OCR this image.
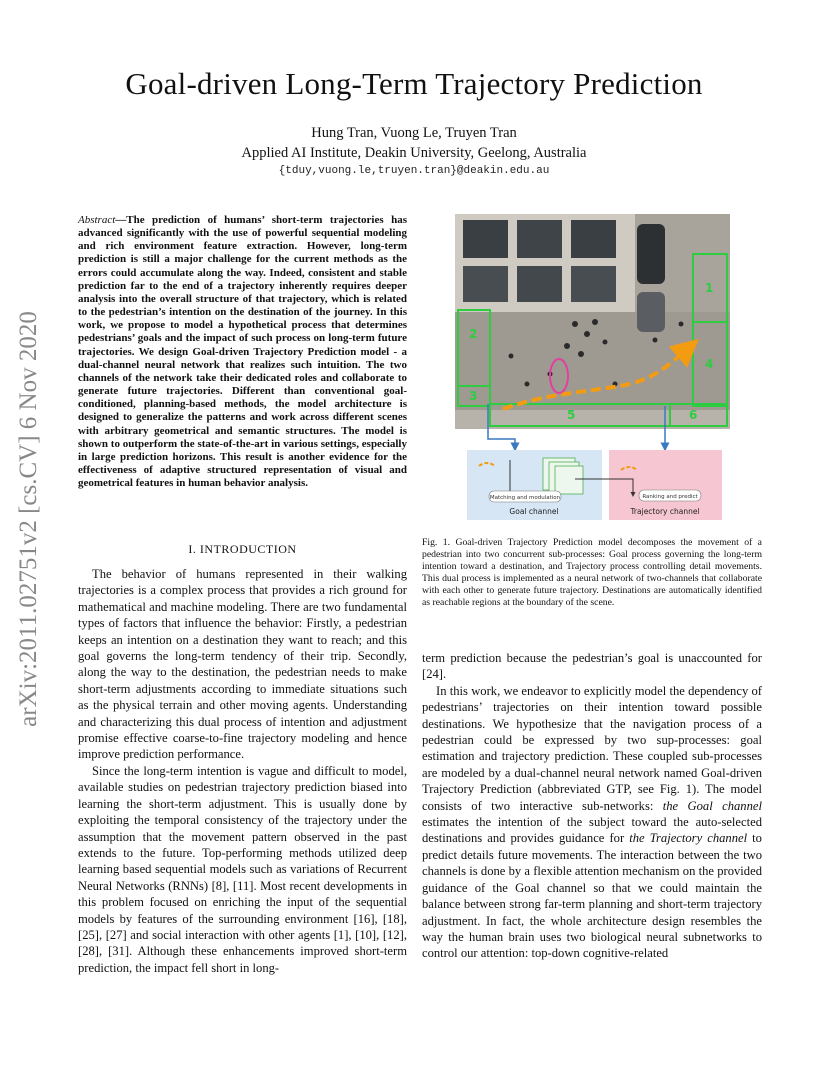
Goal-driven Long-Term Trajectory Prediction
Hung Tran, Vuong Le, Truyen Tran
Applied AI Institute, Deakin University, Geelong, Australia
{tduy,vuong.le,truyen.tran}@deakin.edu.au
arXiv:2011.02751v2 [cs.CV] 6 Nov 2020
Abstract—The prediction of humans’ short-term trajectories has advanced significantly with the use of powerful sequential modeling and rich environment feature extraction. However, long-term prediction is still a major challenge for the current methods as the errors could accumulate along the way. Indeed, consistent and stable prediction far to the end of a trajectory inherently requires deeper analysis into the overall structure of that trajectory, which is related to the pedestrian’s intention on the destination of the journey. In this work, we propose to model a hypothetical process that determines pedestrians’ goals and the impact of such process on long-term future trajectories. We design Goal-driven Trajectory Prediction model - a dual-channel neural network that realizes such intuition. The two channels of the network take their dedicated roles and collaborate to generate future trajectories. Different than conventional goal-conditioned, planning-based methods, the model architecture is designed to generalize the patterns and work across different scenes with arbitrary geometrical and semantic structures. The model is shown to outperform the state-of-the-art in various settings, especially in large prediction horizons. This result is another evidence for the effectiveness of adaptive structured representation of visual and geometrical features in human behavior analysis.
I. INTRODUCTION

The behavior of humans represented in their walking trajectories is a complex process that provides a rich ground for mathematical and machine modeling. There are two fundamental types of factors that influence the behavior: Firstly, a pedestrian keeps an intention on a destination they want to reach; and this goal governs the long-term tendency of their trip. Secondly, along the way to the destination, the pedestrian needs to make short-term adjustments according to immediate situations such as the physical terrain and other moving agents. Understanding and characterizing this dual process of intention and adjustment promise effective coarse-to-fine trajectory modeling and hence improve prediction performance.

Since the long-term intention is vague and difficult to model, available studies on pedestrian trajectory prediction biased into learning the short-term adjustment. This is usually done by exploiting the temporal consistency of the trajectory under the assumption that the movement pattern observed in the past extends to the future. Top-performing methods utilized deep learning based sequential models such as variations of Recurrent Neural Networks (RNNs) [8], [11]. Most recent developments in this problem focused on enriching the input of the sequential models by features of the surrounding environment [16], [18], [25], [27] and social interaction with other agents [1], [10], [12], [28], [31]. Although these enhancements improved short-term prediction, the impact fell short in long-

1
2
3
4
5	6
Matching and modulation
Goal channel
Ranking and predict
Trajectory channel
Fig. 1. Goal-driven Trajectory Prediction model decomposes the movement of a pedestrian into two concurrent sub-processes: Goal process governing the long-term intention toward a destination, and Trajectory process controlling detail movements. This dual process is implemented as a neural network of two-channels that collaborate with each other to generate future trajectory. Destinations are automatically identified as reachable regions at the boundary of the scene.

term prediction because the pedestrian’s goal is unaccounted for [24].

In this work, we endeavor to explicitly model the dependency of pedestrians’ trajectories on their intention toward possible destinations. We hypothesize that the navigation process of a pedestrian could be expressed by two sup-processes: goal estimation and trajectory prediction. These coupled sub-processes are modeled by a dual-channel neural network named Goal-driven Trajectory Prediction (abbreviated GTP, see Fig. 1). The model consists of two interactive sub-networks: the Goal channel estimates the intention of the subject toward the auto-selected destinations and provides guidance for the Trajectory channel to predict details future movements. The interaction between the two channels is done by a flexible attention mechanism on the provided guidance of the Goal channel so that we could maintain the balance between strong far-term planning and short-term trajectory adjustment. In fact, the whole architecture design resembles the way the human brain uses two biological neural subnetworks to control our attention: top-down cognitive-related
